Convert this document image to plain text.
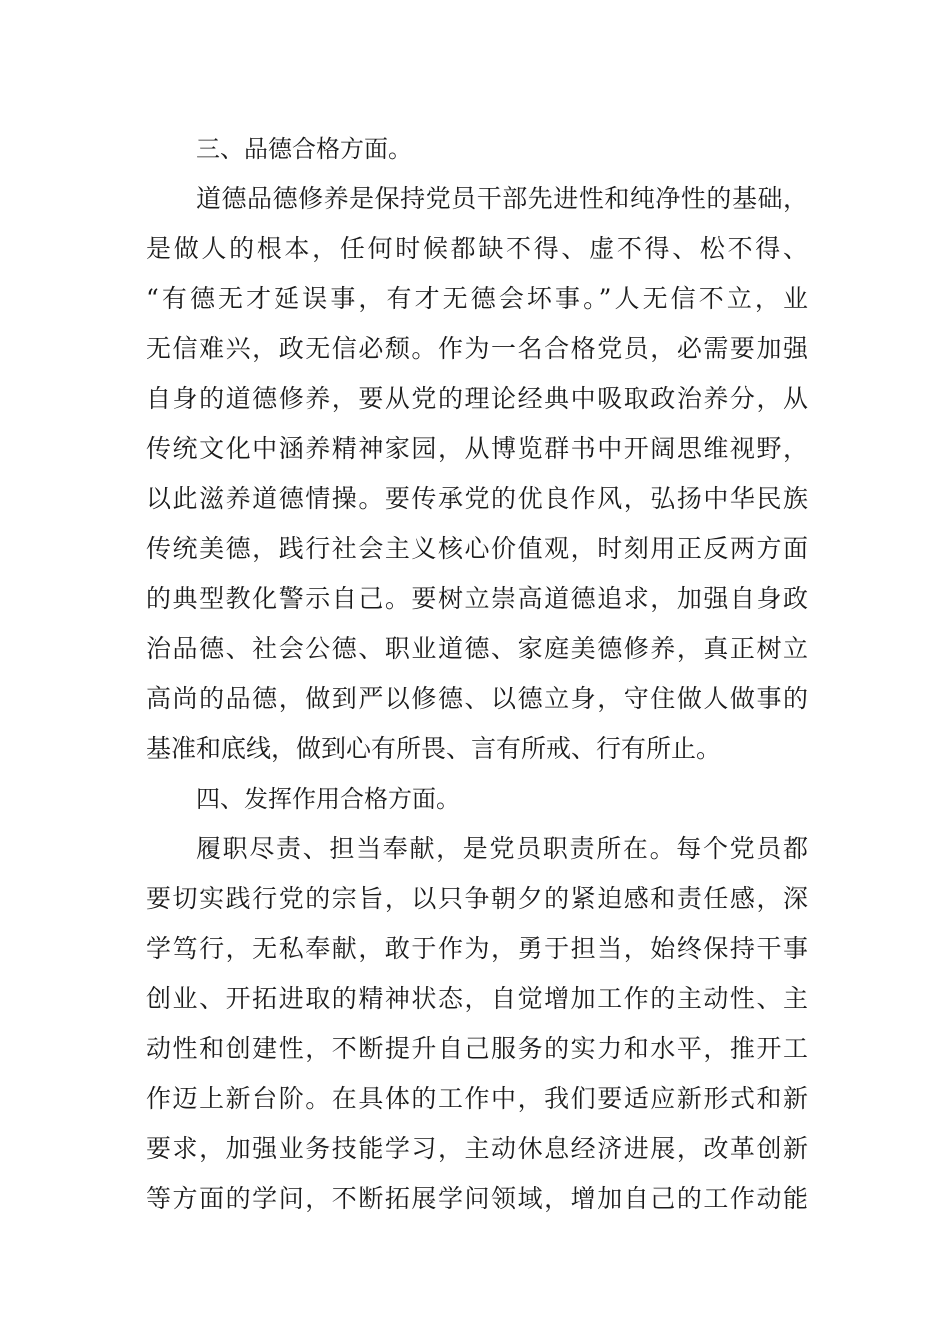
三、品德合格方面。
道德品德修养是保持党员干部先进性和纯净性的基础，
是做人的根本，任何时候都缺不得、虚不得、松不得、
“有德无才延误事，有才无德会坏事。”人无信不立，业
无信难兴，政无信必颓。作为一名合格党员，必需要加强
自身的道德修养，要从党的理论经典中吸取政治养分，从
传统文化中涵养精神家园，从博览群书中开阔思维视野，
以此滋养道德情操。要传承党的优良作风，弘扬中华民族
传统美德，践行社会主义核心价值观，时刻用正反两方面
的典型教化警示自己。要树立崇高道德追求，加强自身政
治品德、社会公德、职业道德、家庭美德修养，真正树立
高尚的品德，做到严以修德、以德立身，守住做人做事的
基准和底线，做到心有所畏、言有所戒、行有所止。
四、发挥作用合格方面。
履职尽责、担当奉献，是党员职责所在。每个党员都
要切实践行党的宗旨，以只争朝夕的紧迫感和责任感，深
学笃行，无私奉献，敢于作为，勇于担当，始终保持干事
创业、开拓进取的精神状态，自觉增加工作的主动性、主
动性和创建性，不断提升自己服务的实力和水平，推开工
作迈上新台阶。在具体的工作中，我们要适应新形式和新
要求，加强业务技能学习，主动休息经济进展，改革创新
等方面的学问，不断拓展学问领域，增加自己的工作动能
